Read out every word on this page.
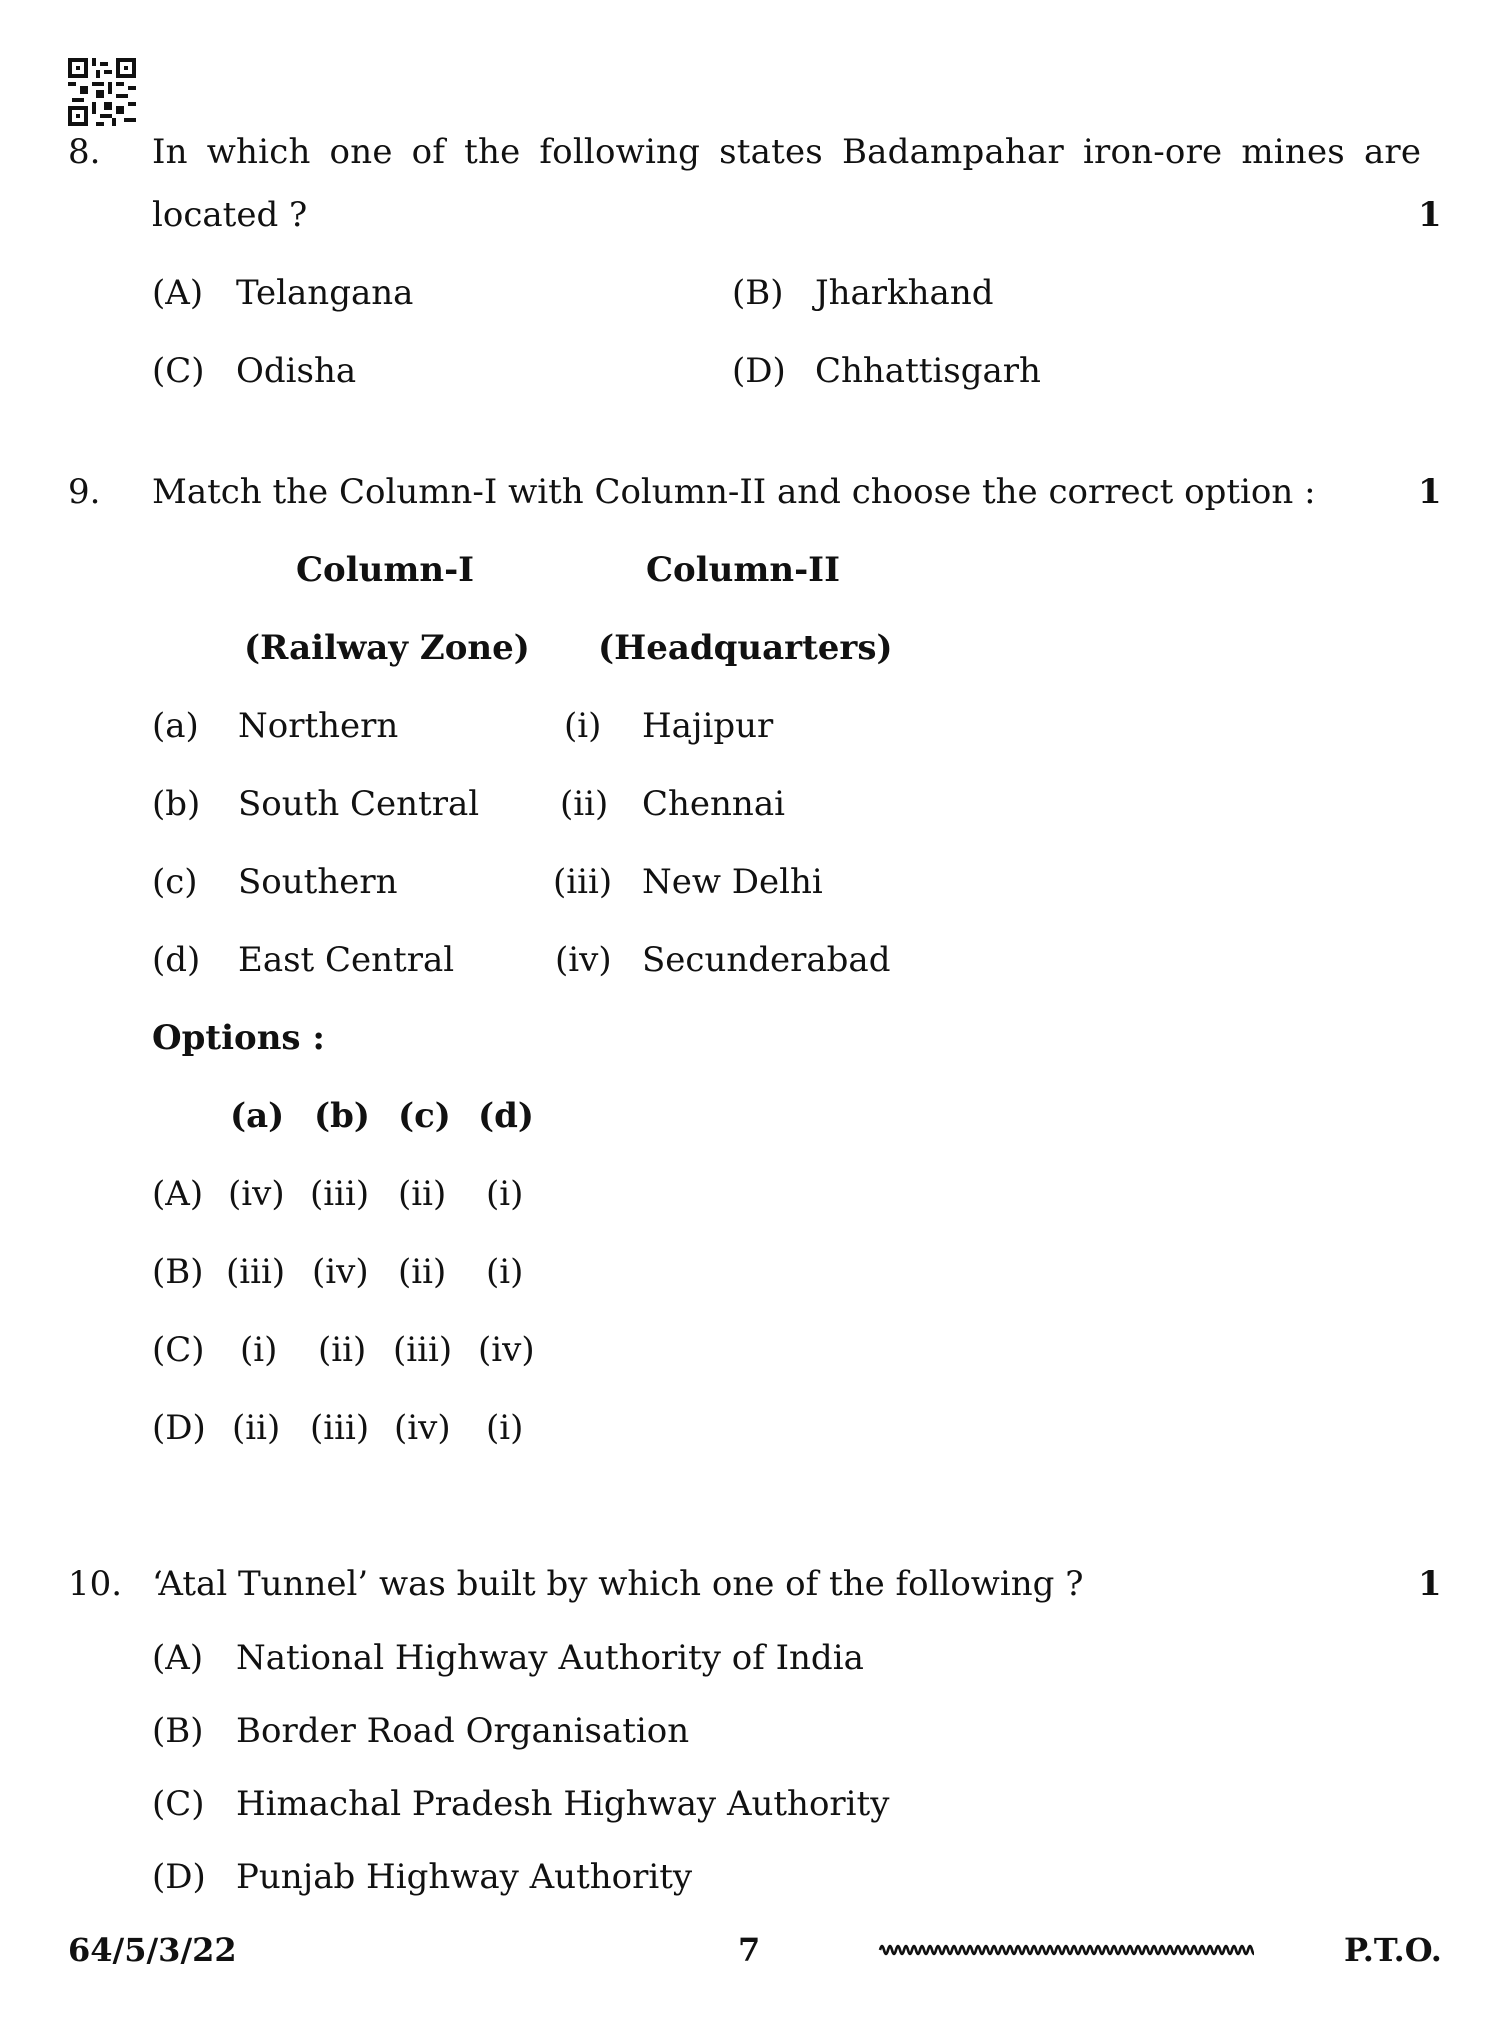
8. In which one of the following states Badampahar iron-ore mines are
located ?	1
(A) Telangana	(B) Jharkhand
(C) Odisha	(D) Chhattisgarh
9. Match the Column-I with Column-II and choose the correct option :	1
Column-I	Column-II
(Railway Zone) (Headquarters)
(a) Northern	(i) Hajipur
(b) South Central (ii) Chennai
(c) Southern	(iii) New Delhi
(d) East Central	(iv) Secunderabad
Options :
(a) (b) (c) (d)
(A) (iv) (iii) (ii) (i)
(B) (iii) (iv) (ii) (i)
(C) (i) (ii) (iii) (iv)
(D) (ii) (iii) (iv) (i)
10. ‘Atal Tunnel’ was built by which one of the following ?	1
(A) National Highway Authority of India
(B) Border Road Organisation
(C) Himachal Pradesh Highway Authority
(D) Punjab Highway Authority
64/5/3/22	7	P.T.O.
